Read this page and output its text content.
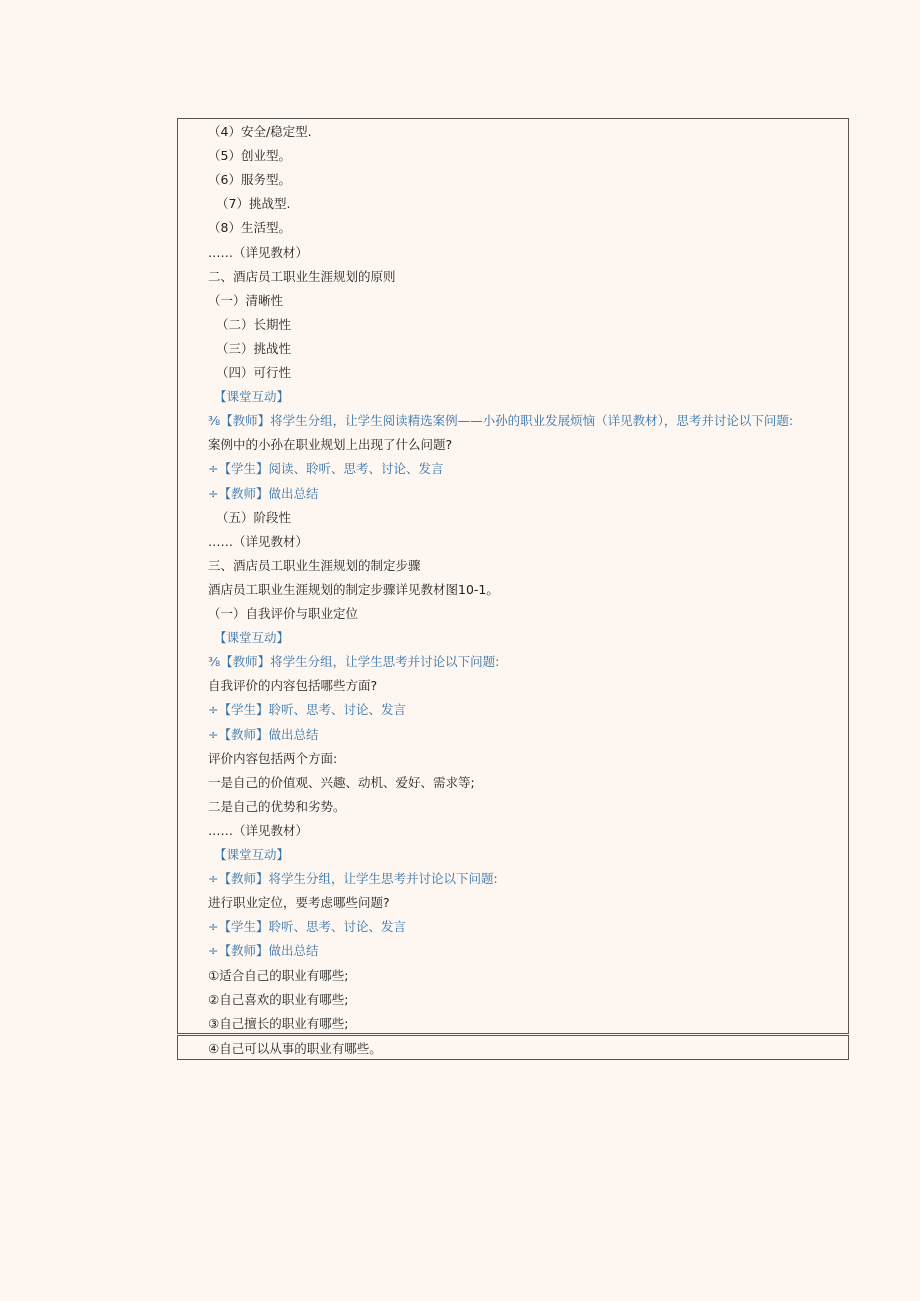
（4）安全/稳定型.
（5）创业型。
（6）服务型。
（7）挑战型.
（8）生活型。
……（详见教材）
二、酒店员工职业生涯规划的原则
（一）清晰性
（二）长期性
（三）挑战性
（四）可行性
【课堂互动】
⅜【教师】将学生分组，让学生阅读精选案例——小孙的职业发展烦恼（详见教材），思考并讨论以下问题:
案例中的小孙在职业规划上出现了什么问题?
÷【学生】阅读、聆听、思考、讨论、发言
÷【教师】做出总结
（五）阶段性
……（详见教材）
三、酒店员工职业生涯规划的制定步骤
酒店员工职业生涯规划的制定步骤详见教材图10-1。
（一）自我评价与职业定位
【课堂互动】
⅜【教师】将学生分组，让学生思考并讨论以下问题:
自我评价的内容包括哪些方面?
÷【学生】聆听、思考、讨论、发言
÷【教师】做出总结
评价内容包括两个方面:
一是自己的价值观、兴趣、动机、爱好、需求等;
二是自己的优势和劣势。
……（详见教材）
【课堂互动】
÷【教师】将学生分组，让学生思考并讨论以下问题:
进行职业定位，要考虑哪些问题?
÷【学生】聆听、思考、讨论、发言
÷【教师】做出总结
①适合自己的职业有哪些;
②自己喜欢的职业有哪些;
③自己擅长的职业有哪些;
④自己可以从事的职业有哪些。
